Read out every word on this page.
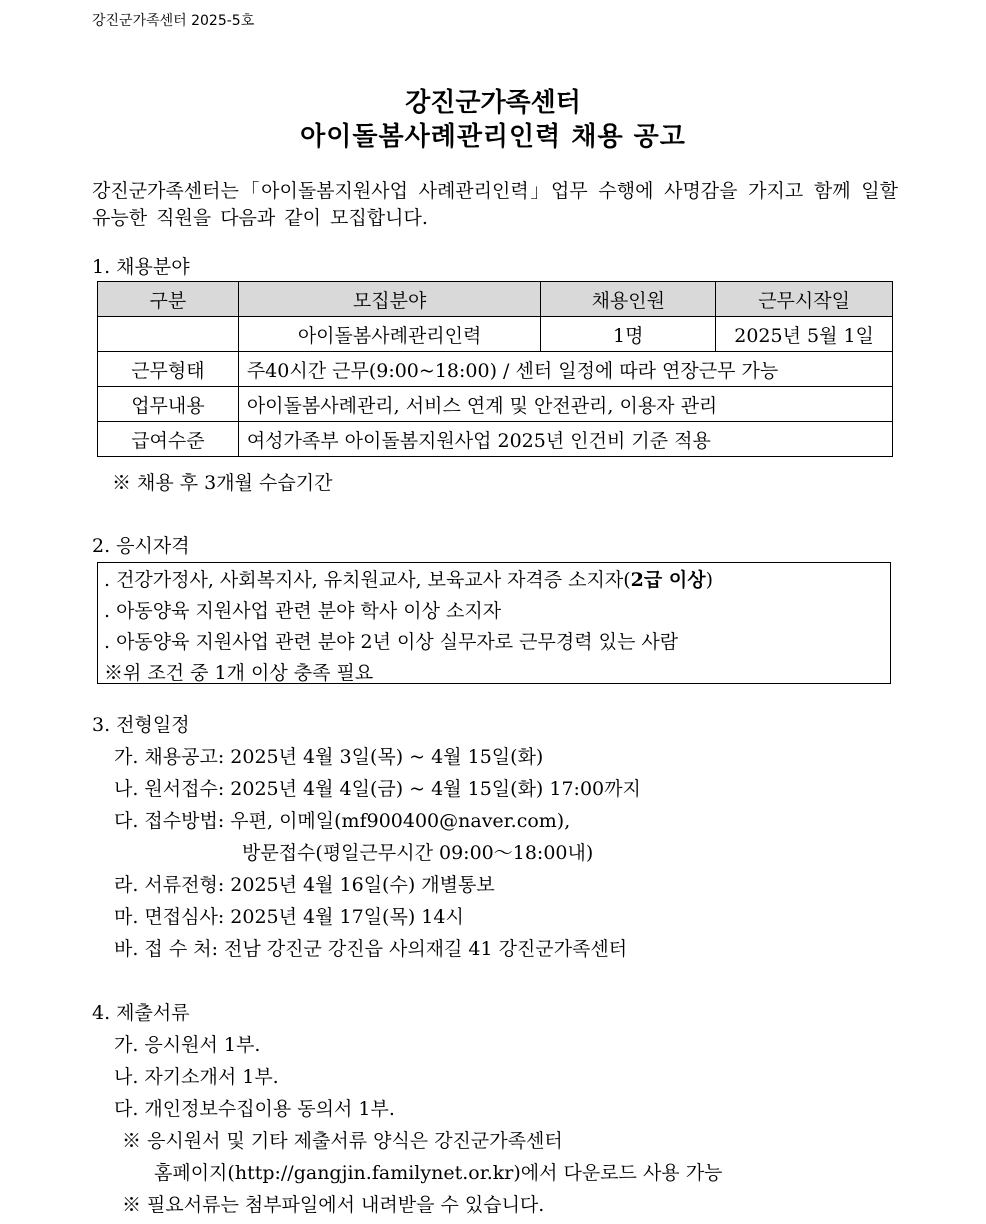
강진군가족센터 2025-5호
강진군가족센터
아이돌봄사례관리인력 채용 공고
강진군가족센터는「아이돌봄지원사업 사례관리인력」업무 수행에 사명감을 가지고 함께 일할 유능한 직원을 다음과 같이 모집합니다.
1. 채용분야
구분	모집분야	채용인원	근무시작일
	아이돌봄사례관리인력	1명	2025년 5월 1일
근무형태	주40시간 근무(9:00~18:00) / 센터 일정에 따라 연장근무 가능		
업무내용	아이돌봄사례관리, 서비스 연계 및 안전관리, 이용자 관리		
급여수준	여성가족부 아이돌봄지원사업 2025년 인건비 기준 적용		
※ 채용 후 3개월 수습기간
2. 응시자격
. 건강가정사, 사회복지사, 유치원교사, 보육교사 자격증 소지자(2급 이상)
. 아동양육 지원사업 관련 분야 학사 이상 소지자
. 아동양육 지원사업 관련 분야 2년 이상 실무자로 근무경력 있는 사람
※위 조건 중 1개 이상 충족 필요
3. 전형일정
가. 채용공고: 2025년 4월 3일(목) ~ 4월 15일(화)
나. 원서접수: 2025년 4월 4일(금) ~ 4월 15일(화) 17:00까지
다. 접수방법: 우편, 이메일(mf900400@naver.com),
방문접수(평일근무시간 09:00～18:00내)
라. 서류전형: 2025년 4월 16일(수) 개별통보
마. 면접심사: 2025년 4월 17일(목) 14시
바. 접 수 처: 전남 강진군 강진읍 사의재길 41 강진군가족센터
4. 제출서류
가. 응시원서 1부.
나. 자기소개서 1부.
다. 개인정보수집이용 동의서 1부.
※ 응시원서 및 기타 제출서류 양식은 강진군가족센터
홈페이지(http://gangjin.familynet.or.kr)에서 다운로드 사용 가능
※ 필요서류는 첨부파일에서 내려받을 수 있습니다.
